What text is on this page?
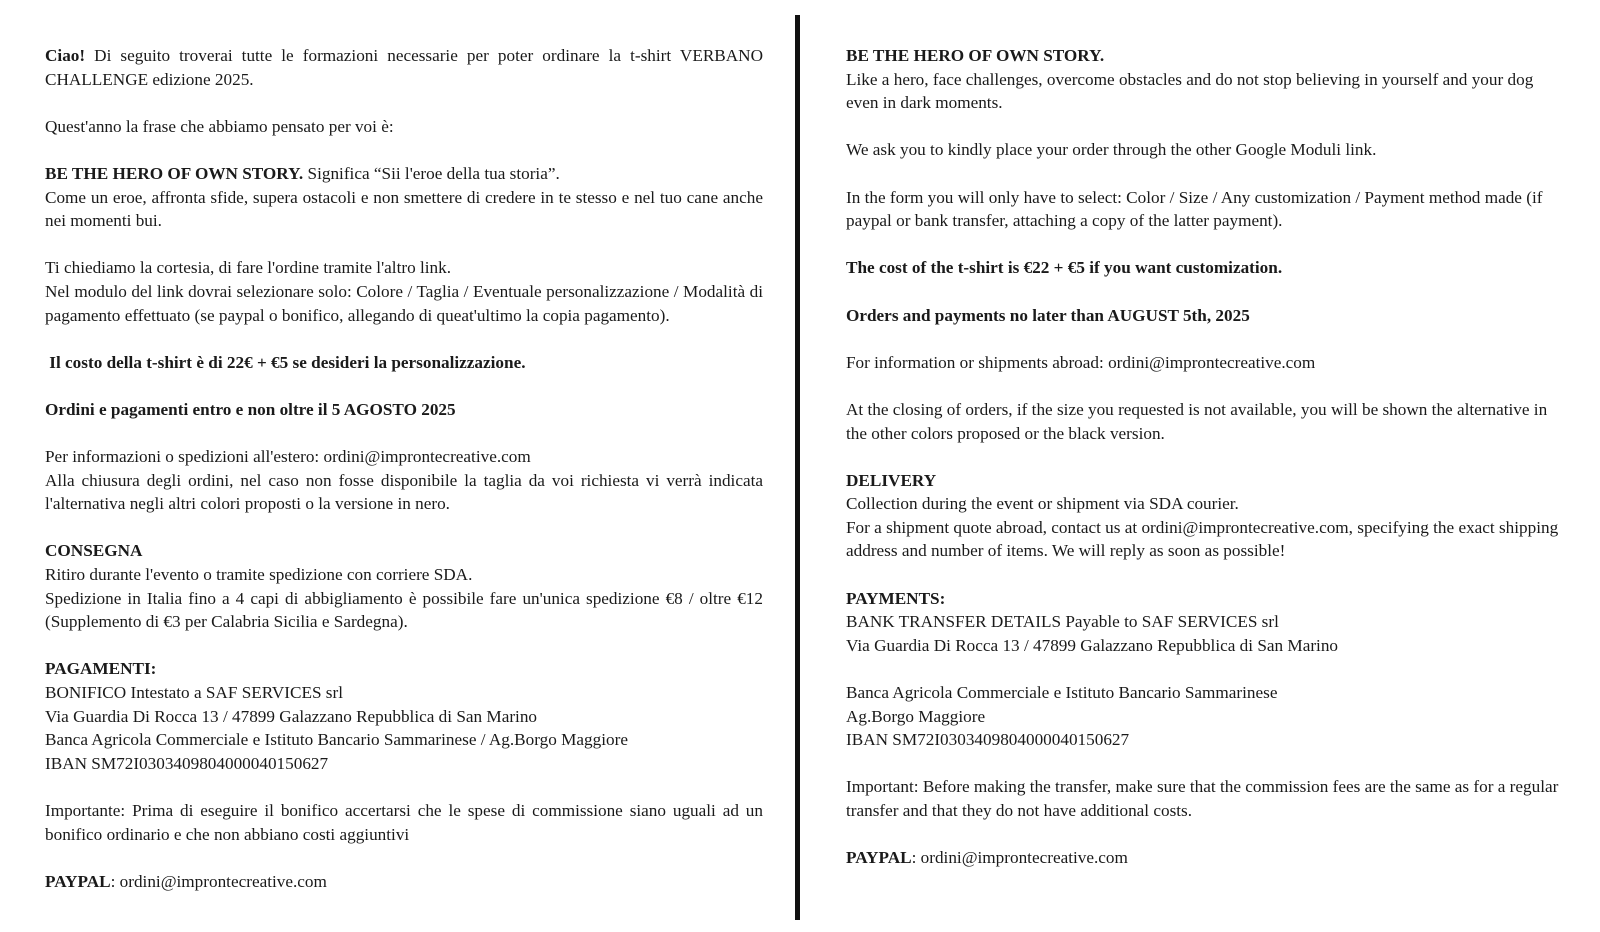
Ciao! Di seguito troverai tutte le formazioni necessarie per poter ordinare la t-shirt VERBANO CHALLENGE edizione 2025.

Quest'anno la frase che abbiamo pensato per voi è:

BE THE HERO OF OWN STORY. Significa “Sii l'eroe della tua storia”.
Come un eroe, affronta sfide, supera ostacoli e non smettere di credere in te stesso e nel tuo cane anche nei momenti bui.

Ti chiediamo la cortesia, di fare l'ordine tramite l'altro link.
Nel modulo del link dovrai selezionare solo: Colore / Taglia / Eventuale personalizzazione / Modalità di pagamento effettuato (se paypal o bonifico, allegando di queat'ultimo la copia pagamento).

Il costo della t-shirt è di 22€ + €5 se desideri la personalizzazione.

Ordini e pagamenti entro e non oltre il 5 AGOSTO 2025

Per informazioni o spedizioni all'estero: ordini@improntecreative.com
Alla chiusura degli ordini, nel caso non fosse disponibile la taglia da voi richiesta vi verrà indicata l'alternativa negli altri colori proposti o la versione in nero.

CONSEGNA
Ritiro durante l'evento o tramite spedizione con corriere SDA.
Spedizione in Italia fino a 4 capi di abbigliamento è possibile fare un'unica spedizione €8 / oltre €12 (Supplemento di €3 per Calabria Sicilia e Sardegna).

PAGAMENTI:
BONIFICO Intestato a SAF SERVICES srl
Via Guardia Di Rocca 13 / 47899 Galazzano Repubblica di San Marino
Banca Agricola Commerciale e Istituto Bancario Sammarinese / Ag.Borgo Maggiore
IBAN SM72I0303409804000040150627

Importante: Prima di eseguire il bonifico accertarsi che le spese di commissione siano uguali ad un bonifico ordinario e che non abbiano costi aggiuntivi

PAYPAL: ordini@improntecreative.com

BE THE HERO OF OWN STORY.
Like a hero, face challenges, overcome obstacles and do not stop believing in yourself and your dog even in dark moments.

We ask you to kindly place your order through the other Google Moduli link.

In the form you will only have to select: Color / Size / Any customization / Payment method made (if paypal or bank transfer, attaching a copy of the latter payment).

The cost of the t-shirt is €22 + €5 if you want customization.

Orders and payments no later than AUGUST 5th, 2025

For information or shipments abroad: ordini@improntecreative.com

At the closing of orders, if the size you requested is not available, you will be shown the alternative in the other colors proposed or the black version.

DELIVERY
Collection during the event or shipment via SDA courier.
For a shipment quote abroad, contact us at ordini@improntecreative.com, specifying the exact shipping address and number of items. We will reply as soon as possible!

PAYMENTS:
BANK TRANSFER DETAILS Payable to SAF SERVICES srl
Via Guardia Di Rocca 13 / 47899 Galazzano Repubblica di San Marino

Banca Agricola Commerciale e Istituto Bancario Sammarinese
Ag.Borgo Maggiore
IBAN SM72I0303409804000040150627

Important: Before making the transfer, make sure that the commission fees are the same as for a regular transfer and that they do not have additional costs.

PAYPAL: ordini@improntecreative.com
